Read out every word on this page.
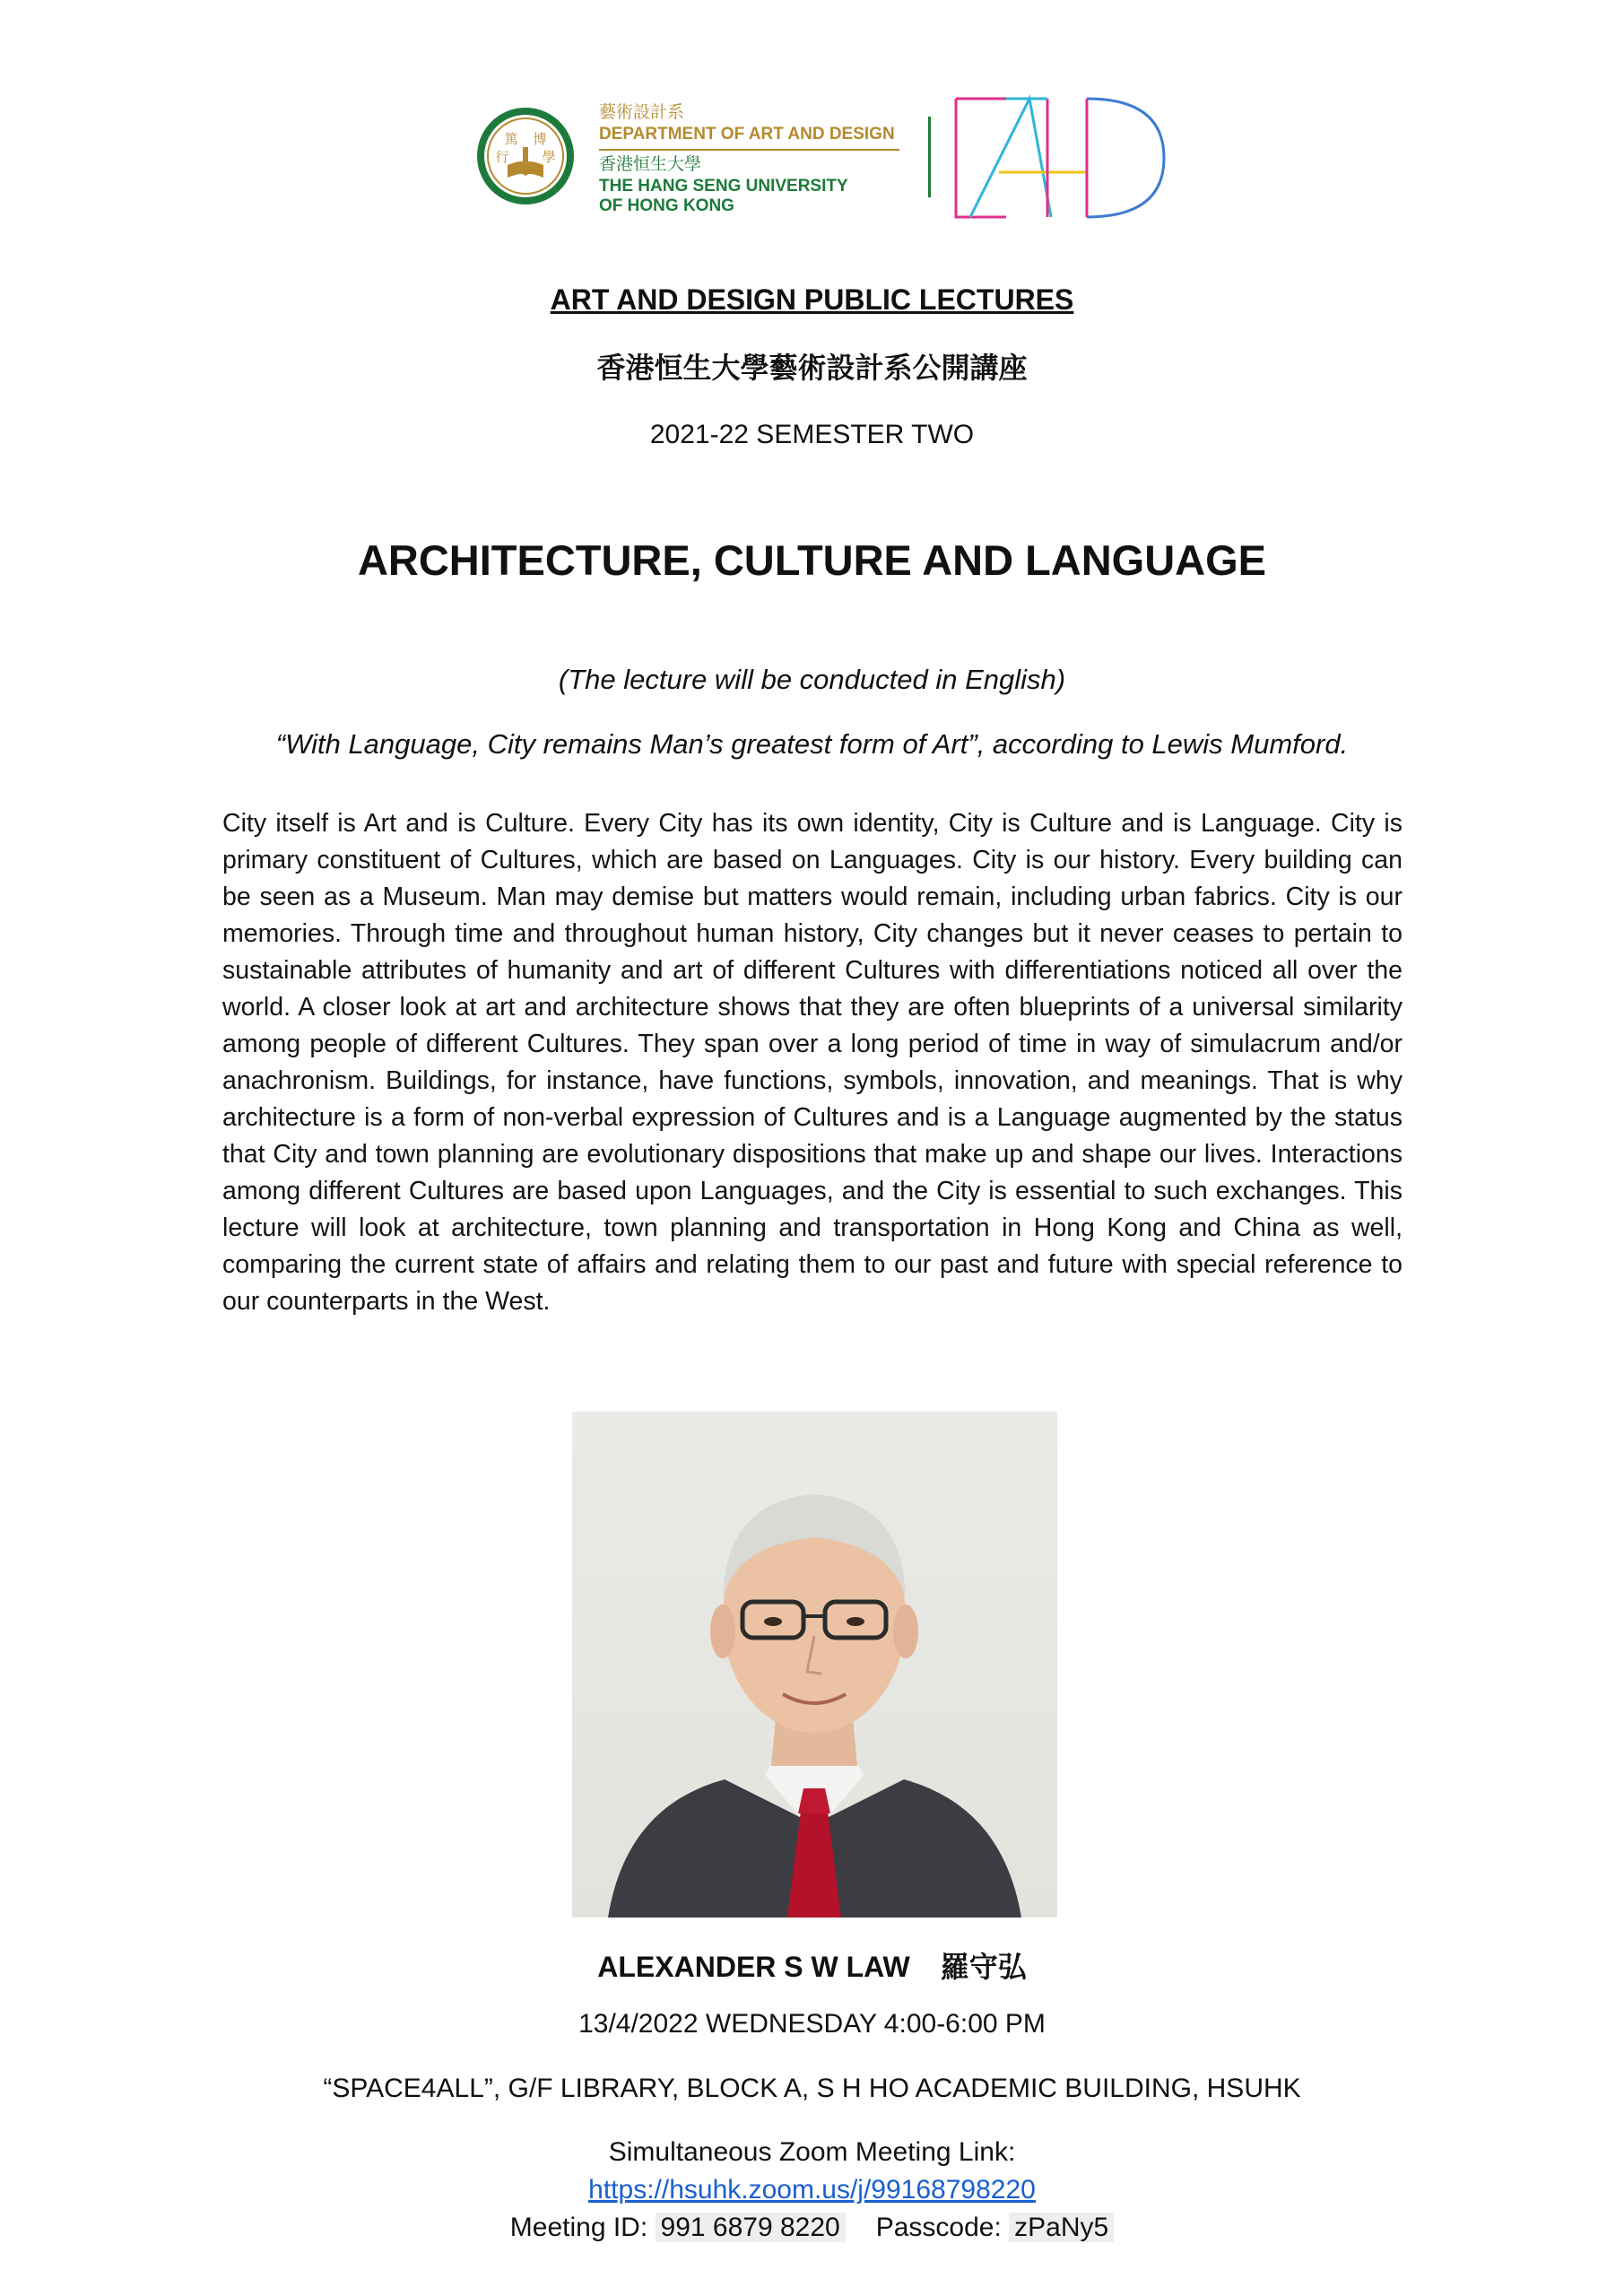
篤 博
行 學
藝術設計系
DEPARTMENT OF ART AND DESIGN
香港恒生大學
THE HANG SENG UNIVERSITY
OF HONG KONG
ART AND DESIGN PUBLIC LECTURES
香港恒生大學藝術設計系公開講座
2021-22 SEMESTER TWO
ARCHITECTURE, CULTURE AND LANGUAGE
(The lecture will be conducted in English)
“With Language, City remains Man’s greatest form of Art”, according to Lewis Mumford.
City itself is Art and is Culture. Every City has its own identity, City is Culture and is Language. City is primary constituent of Cultures, which are based on Languages. City is our history. Every building can be seen as a Museum. Man may demise but matters would remain, including urban fabrics. City is our memories. Through time and throughout human history, City changes but it never ceases to pertain to sustainable attributes of humanity and art of different Cultures with differentiations noticed all over the world. A closer look at art and architecture shows that they are often blueprints of a universal similarity among people of different Cultures. They span over a long period of time in way of simulacrum and/or anachronism. Buildings, for instance, have functions, symbols, innovation, and meanings. That is why architecture is a form of non-verbal expression of Cultures and is a Language augmented by the status that City and town planning are evolutionary dispositions that make up and shape our lives. Interactions among different Cultures are based upon Languages, and the City is essential to such exchanges. This lecture will look at architecture, town planning and transportation in Hong Kong and China as well, comparing the current state of affairs and relating them to our past and future with special reference to our counterparts in the West.
ALEXANDER S W LAW 羅守弘
13/4/2022 WEDNESDAY 4:00-6:00 PM
“SPACE4ALL”, G/F LIBRARY, BLOCK A, S H HO ACADEMIC BUILDING, HSUHK
Simultaneous Zoom Meeting Link:
https://hsuhk.zoom.us/j/99168798220
Meeting ID: 991 6879 8220 Passcode: zPaNy5
